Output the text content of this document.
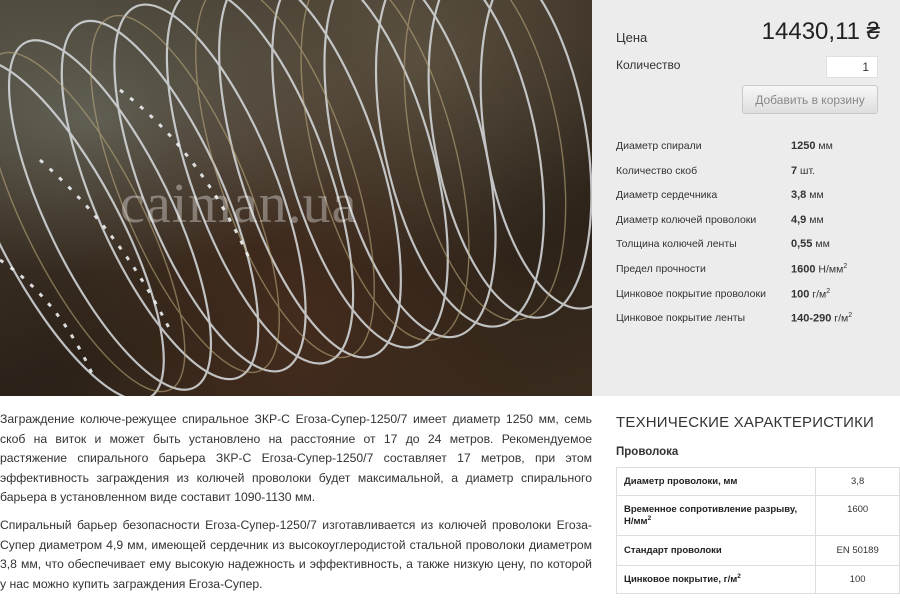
caiman.ua
Цена	14430,11 ₴
Количество
1
Добавить в корзину
Диаметр спирали	1250 мм
Количество скоб	7 шт.
Диаметр сердечника	3,8 мм
Диаметр колючей проволоки	4,9 мм
Толщина колючей ленты	0,55 мм
Предел прочности	1600 $Н/мм^2$
Цинковое покрытие проволоки 100 $г/м^2$
Цинковое покрытие ленты	140-290 $г/м^2$

Заграждение колюче-режущее спиральное ЗКР-С Егоза-Супер-1250/7 имеет диаметр 1250 мм, семь скоб на виток и может быть установлено на расстояние от 17 до 24 метров. Рекомендуемое растяжение спирального барьера ЗКР-С Егоза-Супер-1250/7 составляет 17 метров, при этом эффективность заграждения из колючей проволоки будет максимальной, а диаметр спирального барьера в установленном виде составит 1090-1130 мм.

Спиральный барьер безопасности Егоза-Супер-1250/7 изготавливается из колючей проволоки Егоза-Супер диаметром 4,9 мм, имеющей сердечник из высокоуглеродистой стальной проволоки диаметром 3,8 мм, что обеспечивает ему высокую надежность и эффективность, а также низкую цену, по которой у нас можно купить заграждения Егоза-Супер.

ТЕХНИЧЕСКИЕ ХАРАКТЕРИСТИКИ
Проволока
Диаметр проволоки, мм	3,8
Временное сопротивление разрыву, $Н/мм^2$	1600
Стандарт проволоки	EN 50189
Цинковое покрытие, $г/м^2$	100
